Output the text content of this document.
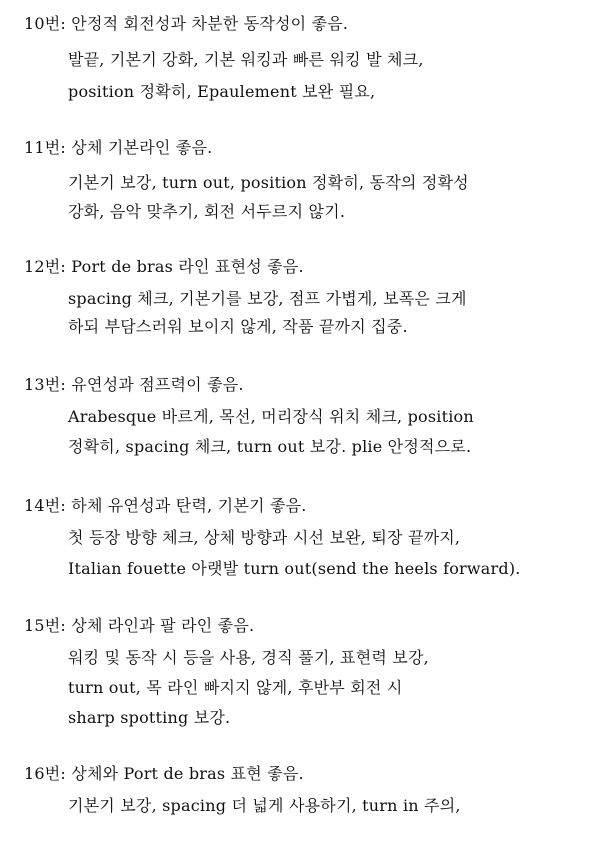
10번: 안정적 회전성과 차분한 동작성이 좋음.
발끝, 기본기 강화, 기본 워킹과 빠른 워킹 발 체크,
position 정확히, Epaulement 보완 필요,
11번: 상체 기본라인 좋음.
기본기 보강, turn out, position 정확히, 동작의 정확성
강화, 음악 맞추기, 회전 서두르지 않기.
12번: Port de bras 라인 표현성 좋음.
spacing 체크, 기본기를 보강, 점프 가볍게, 보폭은 크게
하되 부담스러워 보이지 않게, 작품 끝까지 집중.
13번: 유연성과 점프력이 좋음.
Arabesque 바르게, 목선, 머리장식 위치 체크, position
정확히, spacing 체크, turn out 보강. plie 안정적으로.
14번: 하체 유연성과 탄력, 기본기 좋음.
첫 등장 방향 체크, 상체 방향과 시선 보완, 퇴장 끝까지,
Italian fouette 아랫발 turn out(send the heels forward).
15번: 상체 라인과 팔 라인 좋음.
워킹 및 동작 시 등을 사용, 경직 풀기, 표현력 보강,
turn out, 목 라인 빠지지 않게, 후반부 회전 시
sharp spotting 보강.
16번: 상체와 Port de bras 표현 좋음.
기본기 보강, spacing 더 넓게 사용하기, turn in 주의,
